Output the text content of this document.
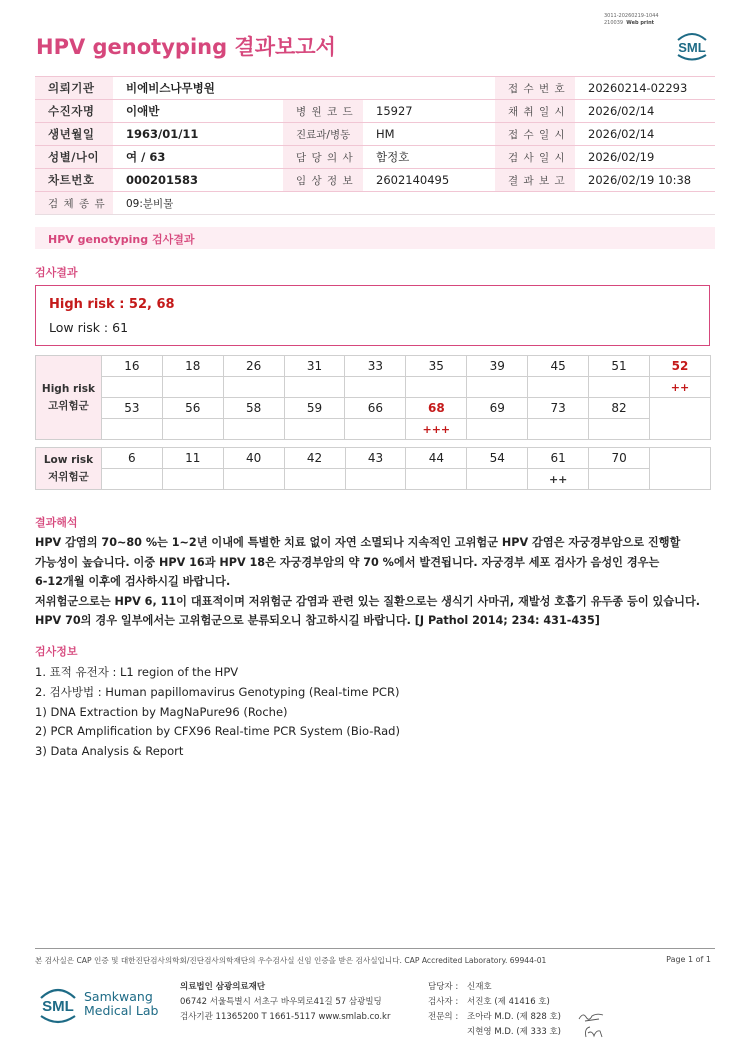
3011-20260219-1044
210039 Web print
HPV genotyping 결과보고서	SML
의뢰기관	비에비스나무병원			접 수 번 호	20260214-02293
수진자명	이애반	병 원 코 드	15927	채 취 일 시	2026/02/14
생년월일	1963/01/11	진료과/병동	HM	접 수 일 시	2026/02/14
성별/나이	여 / 63	담 당 의 사	함정호	검 사 일 시	2026/02/19
차트번호	000201583	임 상 정 보	2602140495	결 과 보 고	2026/02/19 10:38
검 체 종 류	09:분비물				
HPV genotyping 검사결과
검사결과
High risk : 52, 68
Low risk : 61
High risk
고위험군	16	18	26	31	33	35	39	45	51	52
										++
	53	56	58	59	66	68	69	73	82	
						+++				
Low risk
저위험군	6	11	40	42	43	44	54	61	70	
								++		
결과해석

HPV 감염의 70~80 %는 1~2년 이내에 특별한 치료 없이 자연 소멸되나 지속적인 고위험군 HPV 감염은 자궁경부암으로 진행할

가능성이 높습니다. 이중 HPV 16과 HPV 18은 자궁경부암의 약 70 %에서 발견됩니다. 자궁경부 세포 검사가 음성인 경우는

6-12개월 이후에 검사하시길 바랍니다.

저위험군으로는 HPV 6, 11이 대표적이며 저위험군 감염과 관련 있는 질환으로는 생식기 사마귀, 재발성 호흡기 유두종 등이 있습니다.

HPV 70의 경우 일부에서는 고위험군으로 분류되오니 참고하시길 바랍니다. [J Pathol 2014; 234: 431-435]

검사정보

1. 표적 유전자 : L1 region of the HPV

2. 검사방법 : Human papillomavirus Genotyping (Real-time PCR)

1) DNA Extraction by MagNaPure96 (Roche)

2) PCR Amplification by CFX96 Real-time PCR System (Bio-Rad)

3) Data Analysis & Report

본 검사실은 CAP 인증 및 대한진단검사의학회/진단검사의학재단의 우수검사실 신임 인증을 받은 검사실입니다. CAP Accredited Laboratory. 69944-01	Page 1 of 1
SML
Samkwang
Medical Lab
의료법인 삼광의료재단
06742 서울특별시 서초구 바우뫼로41길 57 삼광빌딩
검사기관 11365200 T 1661-5117 www.smlab.co.kr
담당자 : 신재호
검사자 : 서진호 (제 41416 호)
전문의 : 조아라 M.D. (제 828 호)
지현영 M.D. (제 333 호)
